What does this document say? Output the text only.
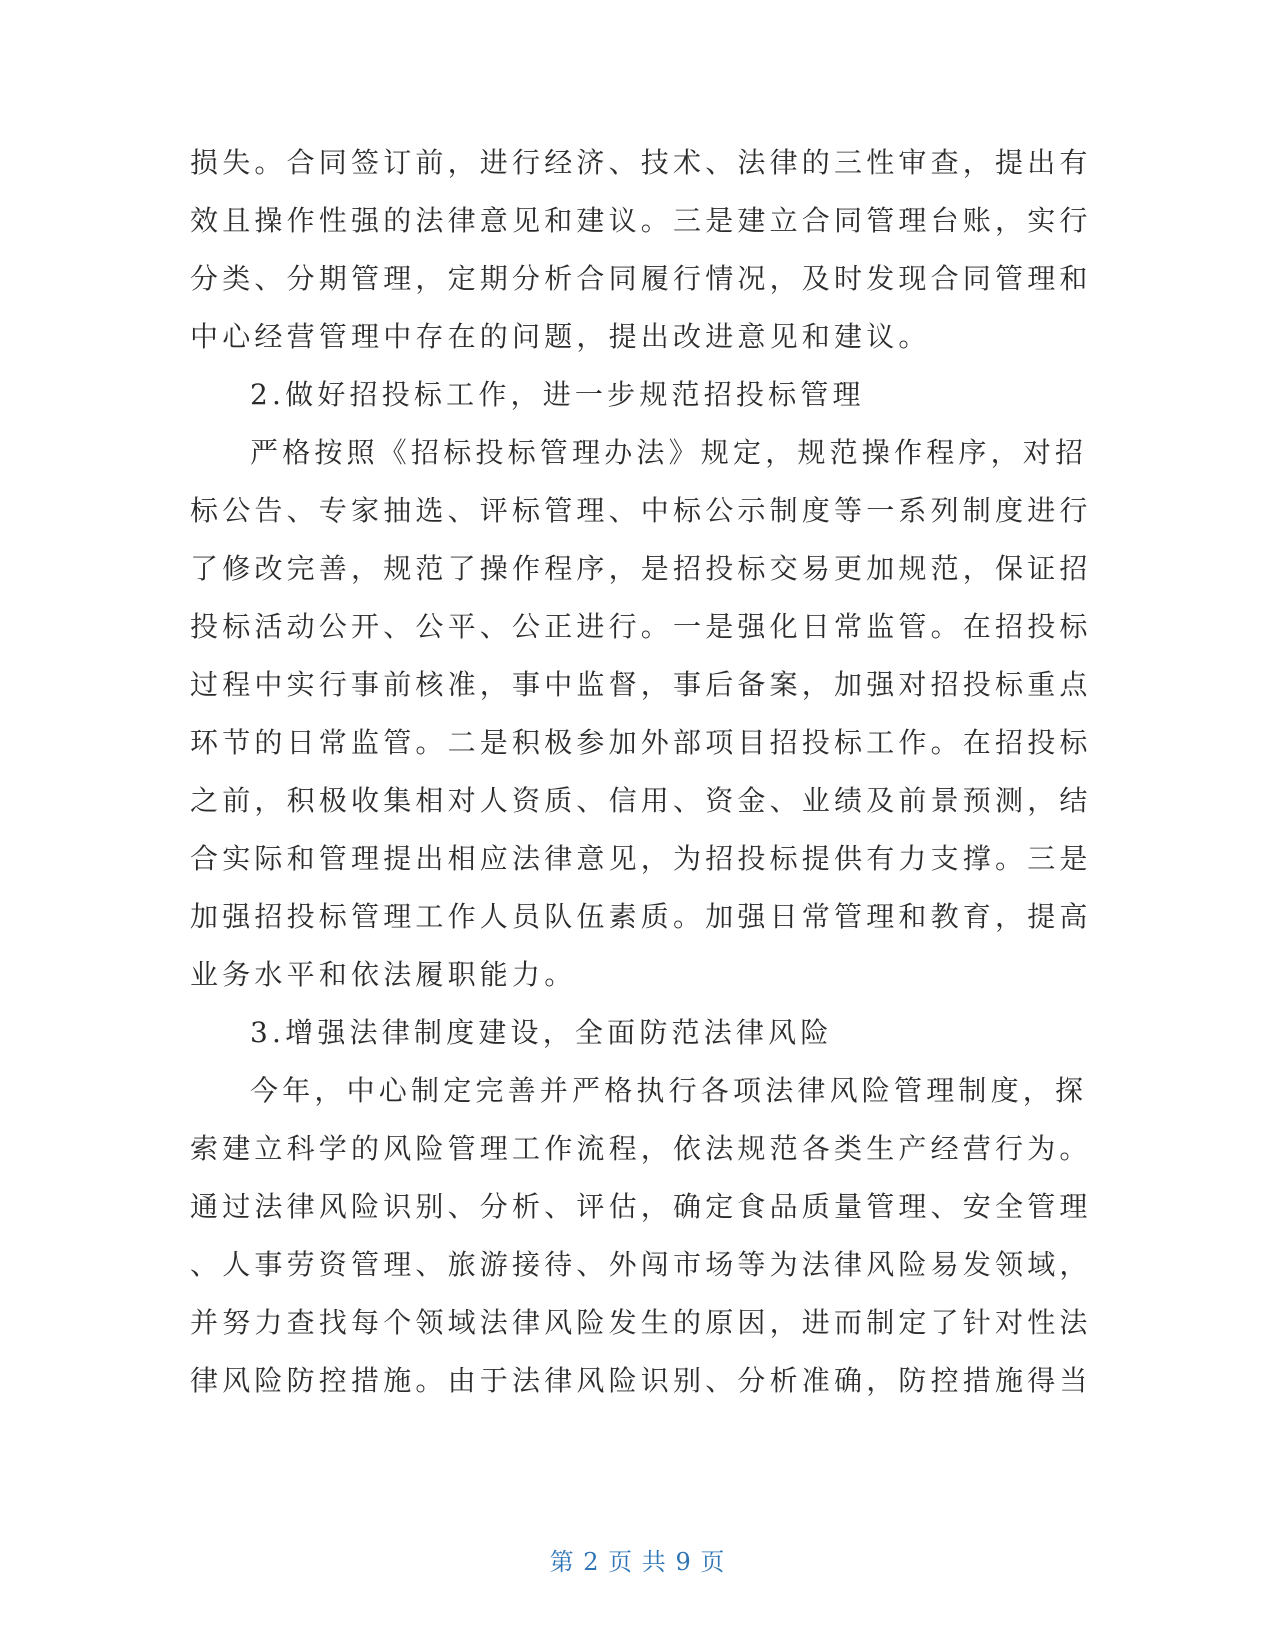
损失。合同签订前，进行经济、技术、法律的三性审查，提出有
效且操作性强的法律意见和建议。三是建立合同管理台账，实行
分类、分期管理，定期分析合同履行情况，及时发现合同管理和
中心经营管理中存在的问题，提出改进意见和建议。
2.做好招投标工作，进一步规范招投标管理
严格按照《招标投标管理办法》规定，规范操作程序，对招
标公告、专家抽选、评标管理、中标公示制度等一系列制度进行
了修改完善，规范了操作程序，是招投标交易更加规范，保证招
投标活动公开、公平、公正进行。一是强化日常监管。在招投标
过程中实行事前核准，事中监督，事后备案，加强对招投标重点
环节的日常监管。二是积极参加外部项目招投标工作。在招投标
之前，积极收集相对人资质、信用、资金、业绩及前景预测，结
合实际和管理提出相应法律意见，为招投标提供有力支撑。三是
加强招投标管理工作人员队伍素质。加强日常管理和教育，提高
业务水平和依法履职能力。
3.增强法律制度建设，全面防范法律风险
今年，中心制定完善并严格执行各项法律风险管理制度，探
索建立科学的风险管理工作流程，依法规范各类生产经营行为。
通过法律风险识别、分析、评估，确定食品质量管理、安全管理
、人事劳资管理、旅游接待、外闯市场等为法律风险易发领域，
并努力查找每个领域法律风险发生的原因，进而制定了针对性法
律风险防控措施。由于法律风险识别、分析准确，防控措施得当
第 2 页 共 9 页
